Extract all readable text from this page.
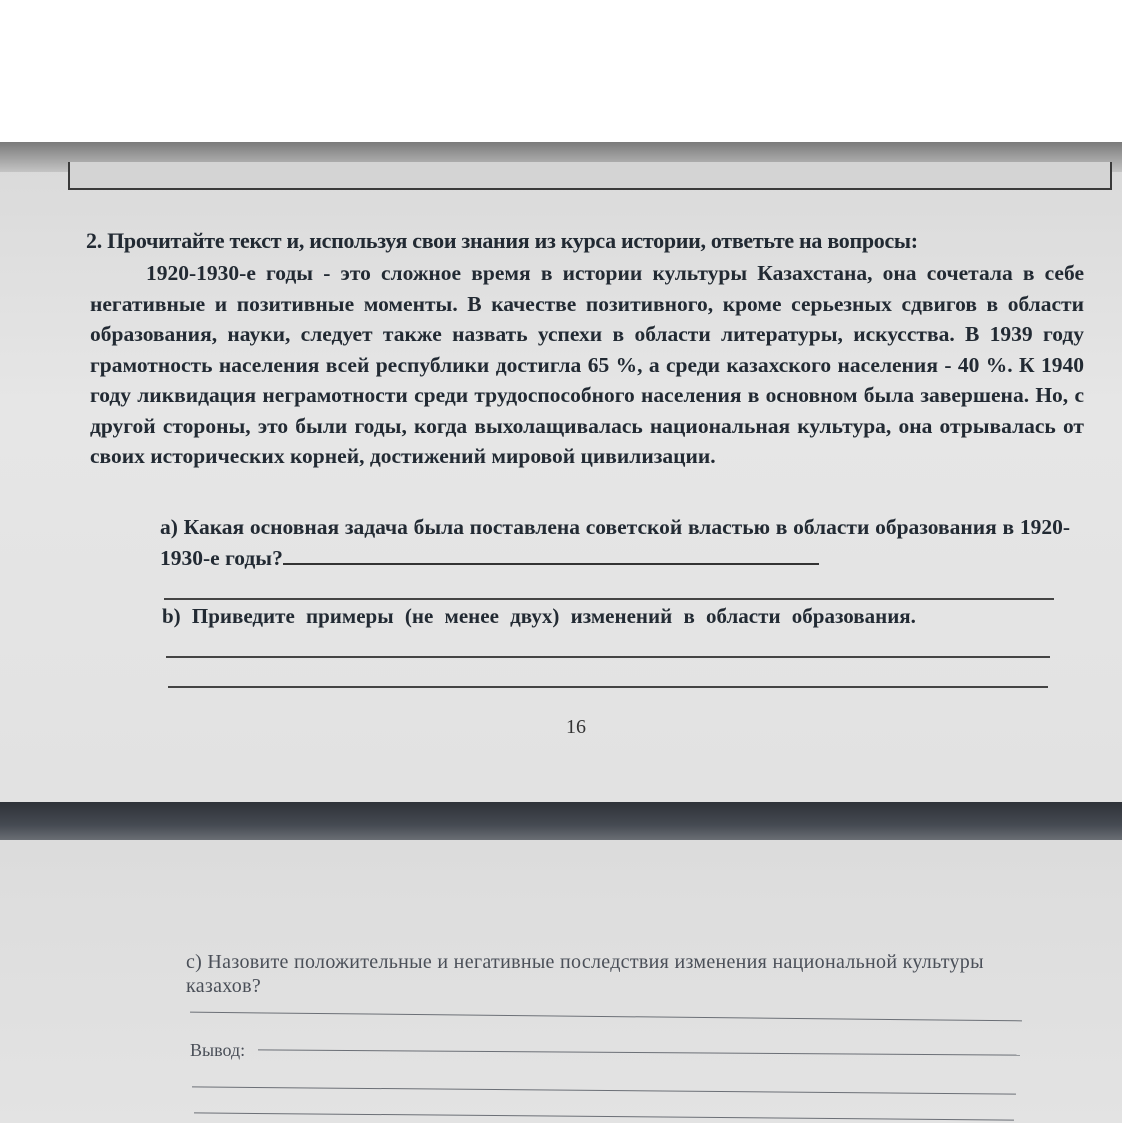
2. Прочитайте текст и, используя свои знания из курса истории, ответьте на вопросы:
1920-1930-е годы - это сложное время в истории культуры Казахстана, она сочетала в себе негативные и позитивные моменты. В качестве позитивного, кроме серьезных сдвигов в области образования, науки, следует также назвать успехи в области литературы, искусства. В 1939 году грамотность населения всей республики достигла 65 %, а среди казахского населения - 40 %. К 1940 году ликвидация неграмотности среди трудоспособного населения в основном была завершена. Но, с другой стороны, это были годы, когда выхолащивалась национальная культура, она отрывалась от своих исторических корней, достижений мировой цивилизации.
а) Какая основная задача была поставлена советской властью в области образования в 1920-1930-е годы?
b) Приведите примеры (не менее двух) изменений в области образования.
16
с) Назовите положительные и негативные последствия изменения национальной культуры казахов?
Вывод:
